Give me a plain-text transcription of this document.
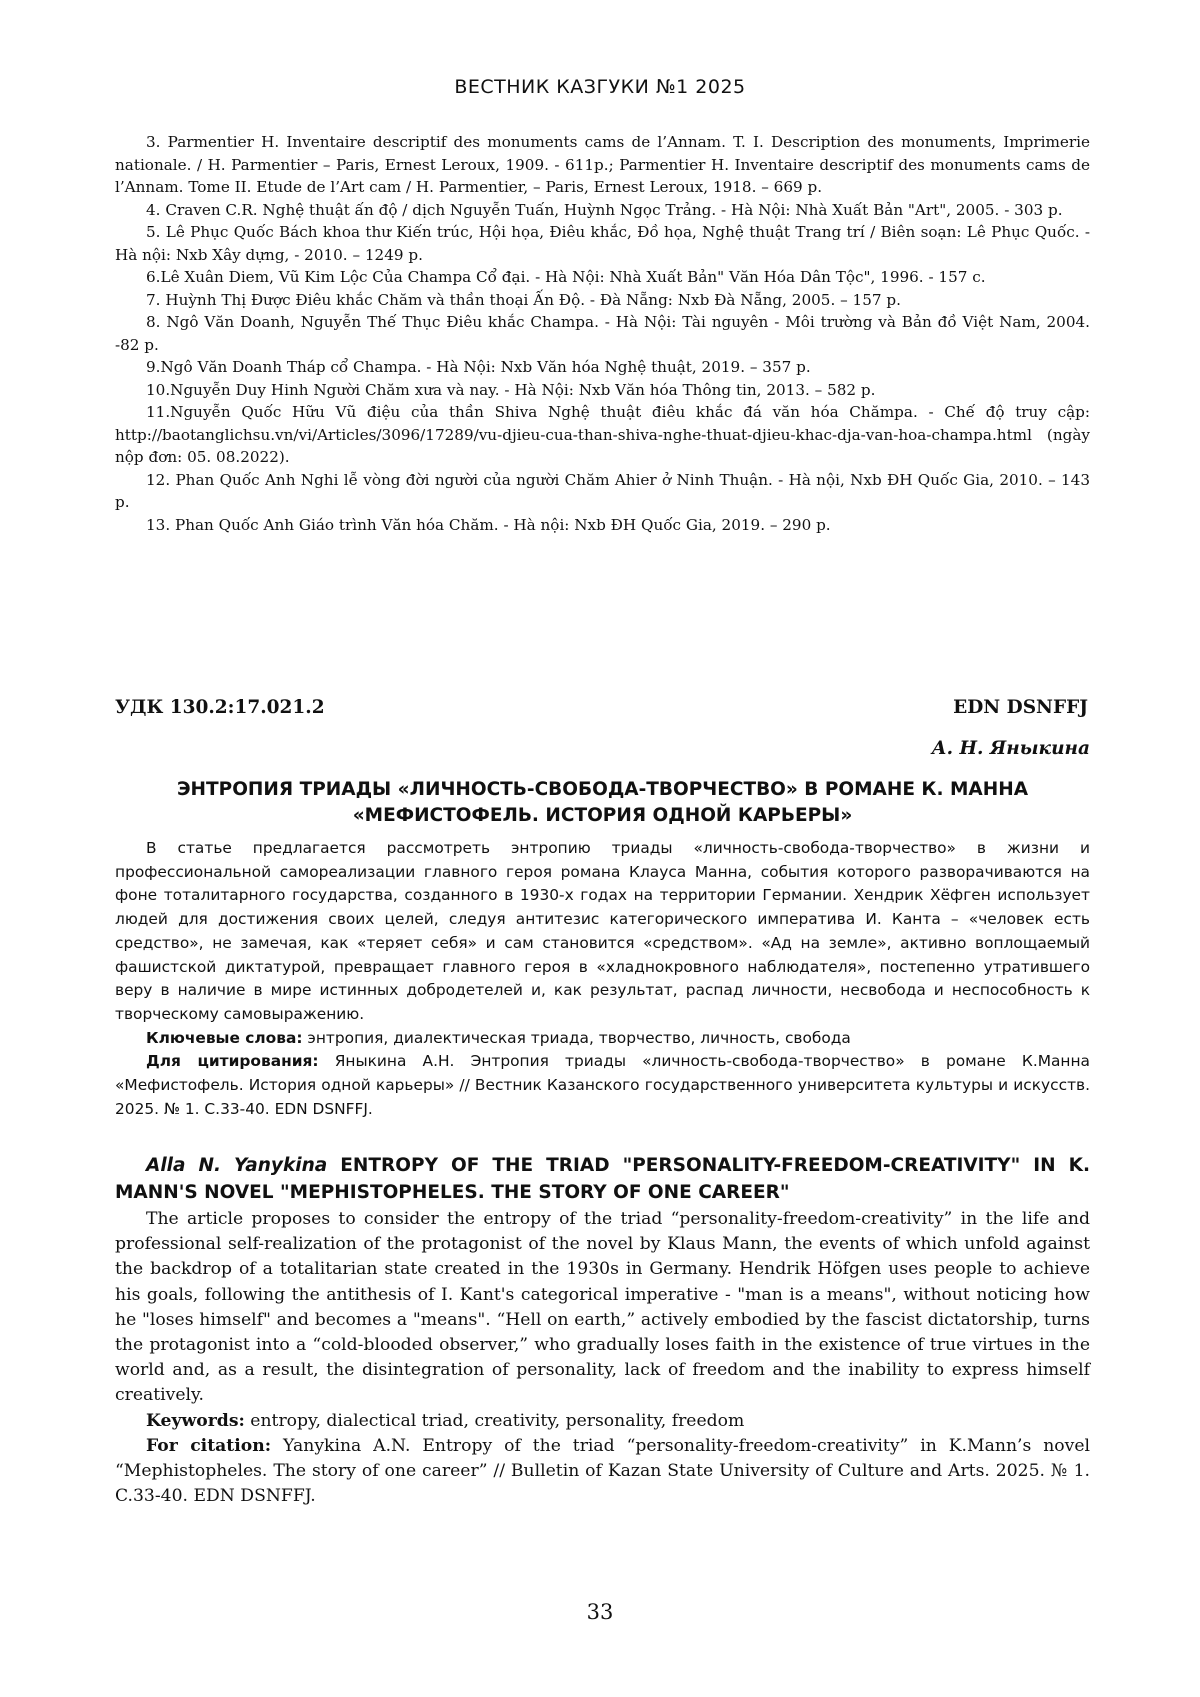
ВЕСТНИК КАЗГУКИ №1 2025

3. Parmentier H. Inventaire descriptif des monuments cams de l’Annam. T. I. Description des monuments, Imprimerie nationale. / H. Parmentier – Paris, Ernest Leroux, 1909. - 611p.; Parmentier H. Inventaire descriptif des monuments cams de l’Annam. Tome II. Etude de l’Art cam / H. Parmentier, – Paris, Ernest Leroux, 1918. – 669 p.

4. Craven C.R. Nghệ thuật ấn độ / dịch Nguyễn Tuấn, Huỳnh Ngọc Trảng. - Hà Nội: Nhà Xuất Bản "Art", 2005. - 303 p.

5. Lê Phục Quốc Bách khoa thư Kiến trúc, Hội họa, Điêu khắc, Đồ họa, Nghệ thuật Trang trí / Biên soạn: Lê Phục Quốc. - Hà nội: Nxb Xây dựng, - 2010. – 1249 p.

6.Lê Xuân Diem, Vũ Kim Lộc Của Champa Cổ đại. - Hà Nội: Nhà Xuất Bản" Văn Hóa Dân Tộc", 1996. - 157 c.

7. Huỳnh Thị Được Điêu khắc Chăm và thần thoại Ấn Độ. - Đà Nẵng: Nxb Đà Nẵng, 2005. – 157 p.

8. Ngô Văn Doanh, Nguyễn Thế Thục Điêu khắc Champa. - Hà Nội: Tài nguyên - Môi trường và Bản đồ Việt Nam, 2004. -82 p.

9.Ngô Văn Doanh Tháp cổ Champa. - Hà Nội: Nxb Văn hóa Nghệ thuật, 2019. – 357 p.

10.Nguyễn Duy Hinh Người Chăm xưa và nay. - Hà Nội: Nxb Văn hóa Thông tin, 2013. – 582 p.

11.Nguyễn Quốc Hữu Vũ điệu của thần Shiva Nghệ thuật điêu khắc đá văn hóa Chămpa. - Chế độ truy cập: http://baotanglichsu.vn/vi/Articles/3096/17289/vu-djieu-cua-than-shiva-nghe-thuat-djieu-khac-dja-van-hoa-champa.html (ngày nộp đơn: 05. 08.2022).

12. Phan Quốc Anh Nghi lễ vòng đời người của người Chăm Ahier ở Ninh Thuận. - Hà nội, Nxb ĐH Quốc Gia, 2010. – 143 p.

13. Phan Quốc Anh Giáo trình Văn hóa Chăm. - Hà nội: Nxb ĐH Quốc Gia, 2019. – 290 p.

УДК 130.2:17.021.2	EDN DSNFFJ
А. Н. Яныкина
ЭНТРОПИЯ ТРИАДЫ «ЛИЧНОСТЬ-СВОБОДА-ТВОРЧЕСТВО» В РОМАНЕ К. МАННА
«МЕФИСТОФЕЛЬ. ИСТОРИЯ ОДНОЙ КАРЬЕРЫ»

В статье предлагается рассмотреть энтропию триады «личность-свобода-творчество» в жизни и профессиональной самореализации главного героя романа Клауса Манна, события которого разворачиваются на фоне тоталитарного государства, созданного в 1930-х годах на территории Германии. Хендрик Хёфген использует людей для достижения своих целей, следуя антитезис категорического императива И. Канта – «человек есть средство», не замечая, как «теряет себя» и сам становится «средством». «Ад на земле», активно воплощаемый фашистской диктатурой, превращает главного героя в «хладнокровного наблюдателя», постепенно утратившего веру в наличие в мире истинных добродетелей и, как результат, распад личности, несвобода и неспособность к творческому самовыражению.

Ключевые слова: энтропия, диалектическая триада, творчество, личность, свобода

Для цитирования: Яныкина А.Н. Энтропия триады «личность-свобода-творчество» в романе К.Манна «Мефистофель. История одной карьеры» // Вестник Казанского государственного университета культуры и искусств. 2025. № 1. С.33-40. EDN DSNFFJ.

Alla N. Yanykina ENTROPY OF THE TRIAD "PERSONALITY-FREEDOM-CREATIVITY" IN K. MANN'S NOVEL "MEPHISTOPHELES. THE STORY OF ONE CAREER"

The article proposes to consider the entropy of the triad “personality-freedom-creativity” in the life and professional self-realization of the protagonist of the novel by Klaus Mann, the events of which unfold against the backdrop of a totalitarian state created in the 1930s in Germany. Hendrik Höfgen uses people to achieve his goals, following the antithesis of I. Kant's categorical imperative - "man is a means", without noticing how he "loses himself" and becomes a "means". “Hell on earth,” actively embodied by the fascist dictatorship, turns the protagonist into a “cold-blooded observer,” who gradually loses faith in the existence of true virtues in the world and, as a result, the disintegration of personality, lack of freedom and the inability to express himself creatively.

Keywords: entropy, dialectical triad, creativity, personality, freedom

For citation: Yanykina A.N. Entropy of the triad “personality-freedom-creativity” in K.Mann’s novel “Mephistopheles. The story of one career” // Bulletin of Kazan State University of Culture and Arts. 2025. № 1. C.33-40. EDN DSNFFJ.

33
